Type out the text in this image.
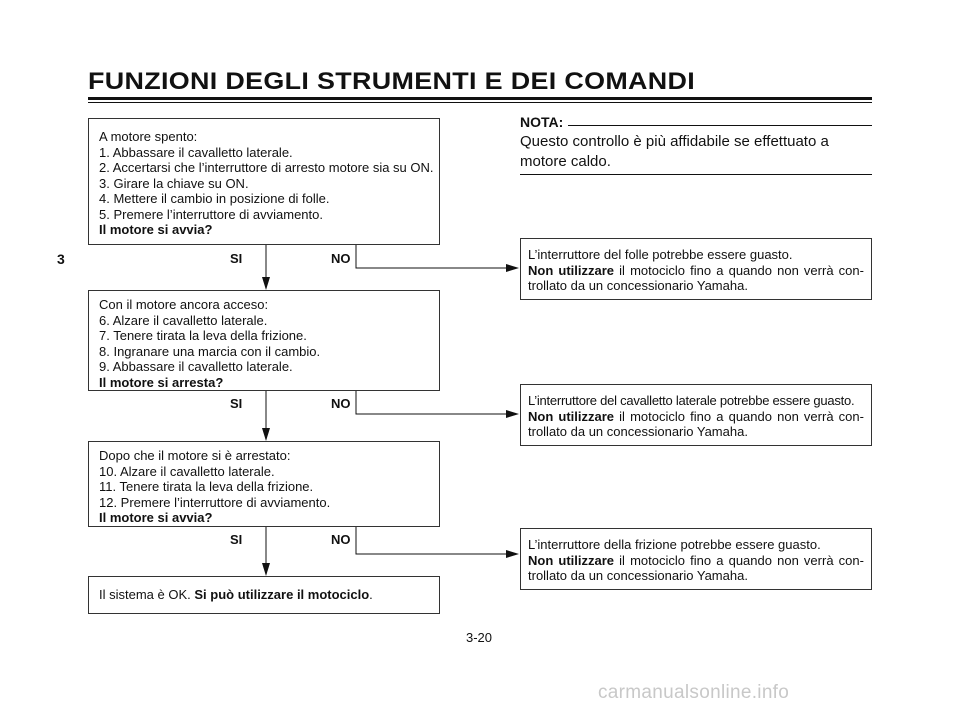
FUNZIONI DEGLI STRUMENTI E DEI COMANDI
3
A motore spento:
1. Abbassare il cavalletto laterale.
2. Accertarsi che l’interruttore di arresto motore sia su ON.
3. Girare la chiave su ON.
4. Mettere il cambio in posizione di folle.
5. Premere l’interruttore di avviamento.
Il motore si avvia?
Con il motore ancora acceso:
6. Alzare il cavalletto laterale.
7. Tenere tirata la leva della frizione.
8. Ingranare una marcia con il cambio.
9. Abbassare il cavalletto laterale.
Il motore si arresta?
Dopo che il motore si è arrestato:
10. Alzare il cavalletto laterale.
11. Tenere tirata la leva della frizione.
12. Premere l’interruttore di avviamento.
Il motore si avvia?
Il sistema è OK. Si può utilizzare il motociclo.
L’interruttore del folle potrebbe essere guasto.
Non utilizzare il motociclo fino a quando non verrà con-
trollato da un concessionario Yamaha.
L’interruttore del cavalletto laterale potrebbe essere guasto.
Non utilizzare il motociclo fino a quando non verrà con-
trollato da un concessionario Yamaha.
L’interruttore della frizione potrebbe essere guasto.
Non utilizzare il motociclo fino a quando non verrà con-
trollato da un concessionario Yamaha.
SI	NO
SI	NO
SI	NO
NOTA:
Questo controllo è più affidabile se effettuato a motore caldo.
3-20
carmanualsonline.info
